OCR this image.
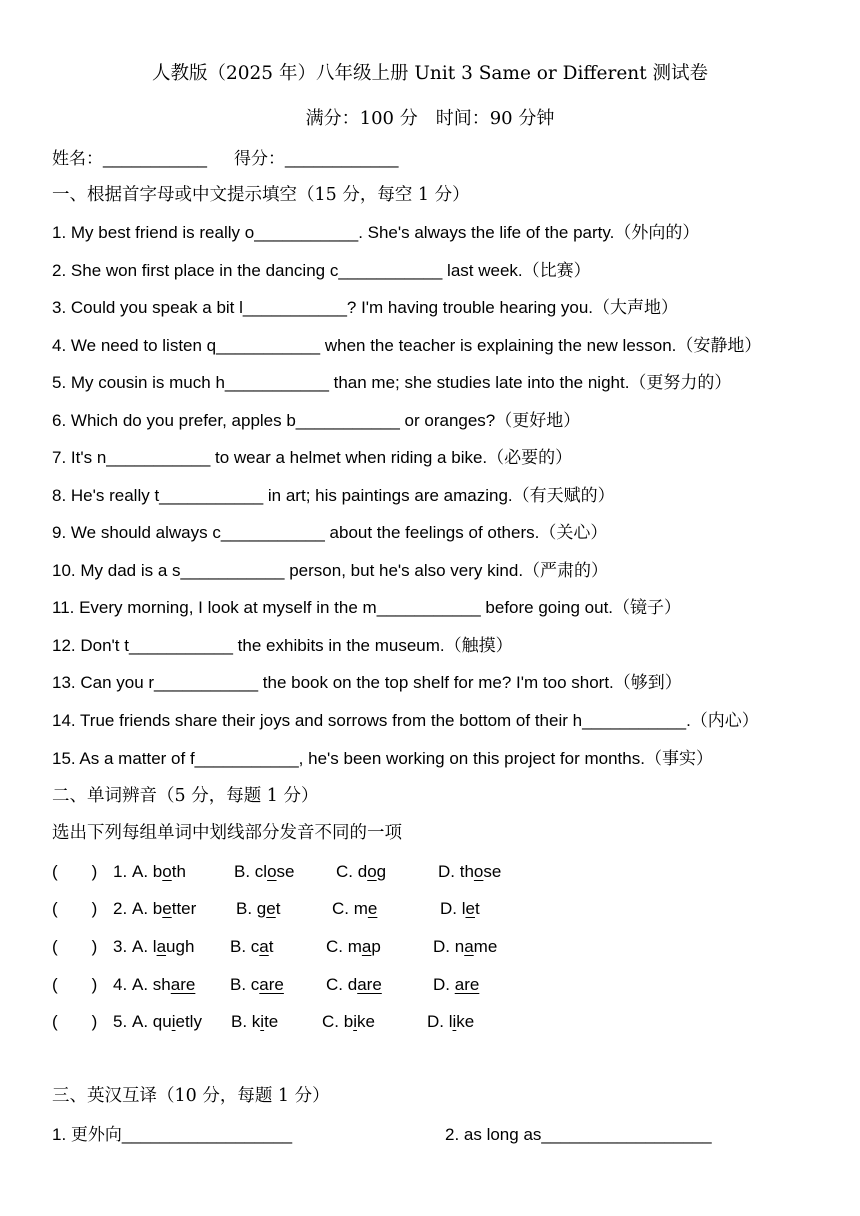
人教版（2025 年）八年级上册 Unit 3 Same or Different 测试卷
满分：100 分　时间：90 分钟
姓名：___________ 得分：____________
一、根据首字母或中文提示填空（15 分，每空 1 分）
1. My best friend is really o___________. She's always the life of the party.（外向的）
2. She won first place in the dancing c___________ last week.（比赛）
3. Could you speak a bit l___________? I'm having trouble hearing you.（大声地）
4. We need to listen q___________ when the teacher is explaining the new lesson.（安静地）
5. My cousin is much h___________ than me; she studies late into the night.（更努力的）
6. Which do you prefer, apples b___________ or oranges?（更好地）
7. It's n___________ to wear a helmet when riding a bike.（必要的）
8. He's really t___________ in art; his paintings are amazing.（有天赋的）
9. We should always c___________ about the feelings of others.（关心）
10. My dad is a s___________ person, but he's also very kind.（严肃的）
11. Every morning, I look at myself in the m___________ before going out.（镜子）
12. Don't t___________ the exhibits in the museum.（触摸）
13. Can you r___________ the book on the top shelf for me? I'm too short.（够到）
14. True friends share their joys and sorrows from the bottom of their h___________.（内心）
15. As a matter of f___________, he's been working on this project for months.（事实）
二、单词辨音（5 分，每题 1 分）
选出下列每组单词中划线部分发音不同的一项
(　　) 1. A. both	B. close C. dog	D. those
(　　) 2. A. better B. get	C. me	D. let
(　　) 3. A. laugh B. cat	C. map	D. name
(　　) 4. A. share B. care C. dare	D. are
(　　) 5. A. quietly B. kite	C. bike	D. like
三、英汉互译（10 分，每题 1 分）
1. 更外向__________________	2. as long as__________________
